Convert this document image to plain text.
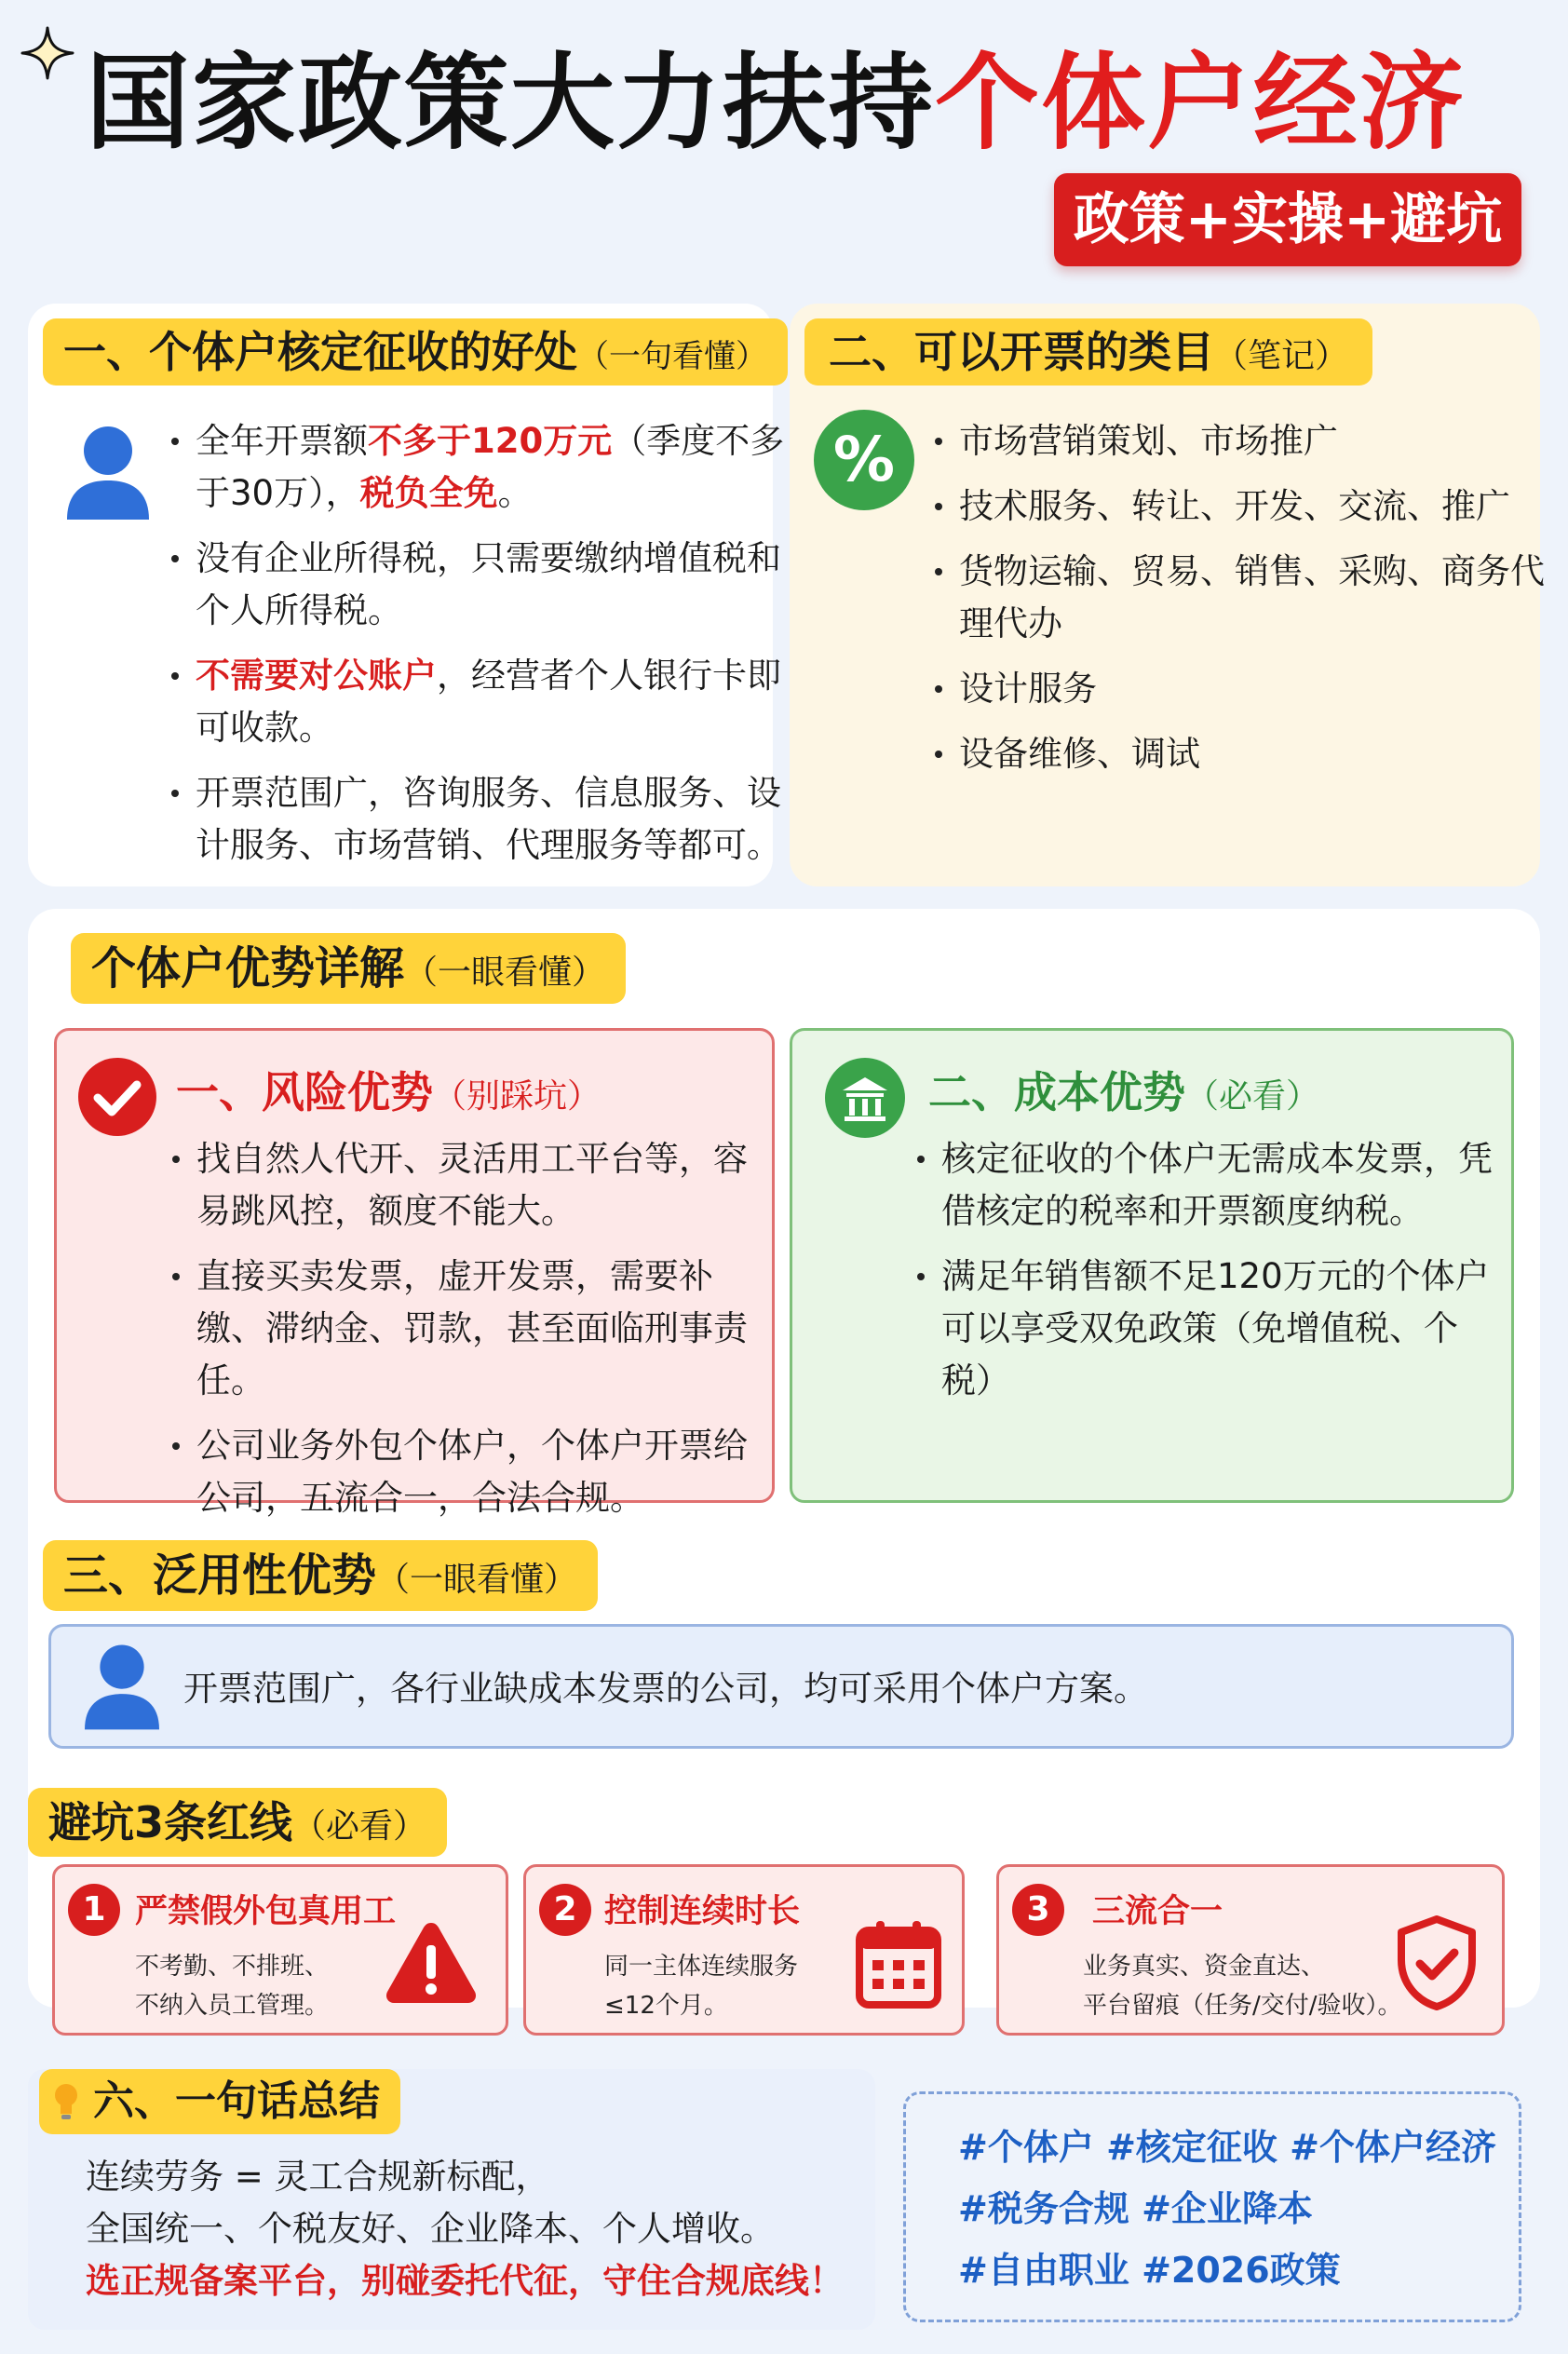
国家政策大力扶持个体户经济
政策+实操+避坑
一、个体户核定征收的好处（一句看懂）
全年开票额不多于120万元（季度不多于30万），税负全免。
没有企业所得税，只需要缴纳增值税和个人所得税。
不需要对公账户，经营者个人银行卡即可收款。
开票范围广，咨询服务、信息服务、设计服务、市场营销、代理服务等都可。
二、可以开票的类目（笔记）
%	市场营销策划、市场推广
技术服务、转让、开发、交流、推广
货物运输、贸易、销售、采购、商务代理代办
设计服务
设备维修、调试
个体户优势详解（一眼看懂）
一、风险优势（别踩坑）
找自然人代开、灵活用工平台等，容易跳风控，额度不能大。
直接买卖发票，虚开发票，需要补缴、滞纳金、罚款，甚至面临刑事责任。
公司业务外包个体户，个体户开票给公司，五流合一，合法合规。
二、成本优势（必看）
核定征收的个体户无需成本发票，凭借核定的税率和开票额度纳税。
满足年销售额不足120万元的个体户可以享受双免政策（免增值税、个税）
三、泛用性优势（一眼看懂）
开票范围广，各行业缺成本发票的公司，均可采用个体户方案。
避坑3条红线（必看）
1 严禁假外包真用工
不考勤、不排班、
不纳入员工管理。
2 控制连续时长
同一主体连续服务
≤12个月。
3	三流合一
业务真实、资金直达、
平台留痕（任务/交付/验收）。
六、一句话总结
连续劳务 = 灵工合规新标配，
全国统一、个税友好、企业降本、个人增收。
选正规备案平台，别碰委托代征，守住合规底线！
#个体户 #核定征收 #个体户经济
#税务合规 #企业降本
#自由职业 #2026政策
